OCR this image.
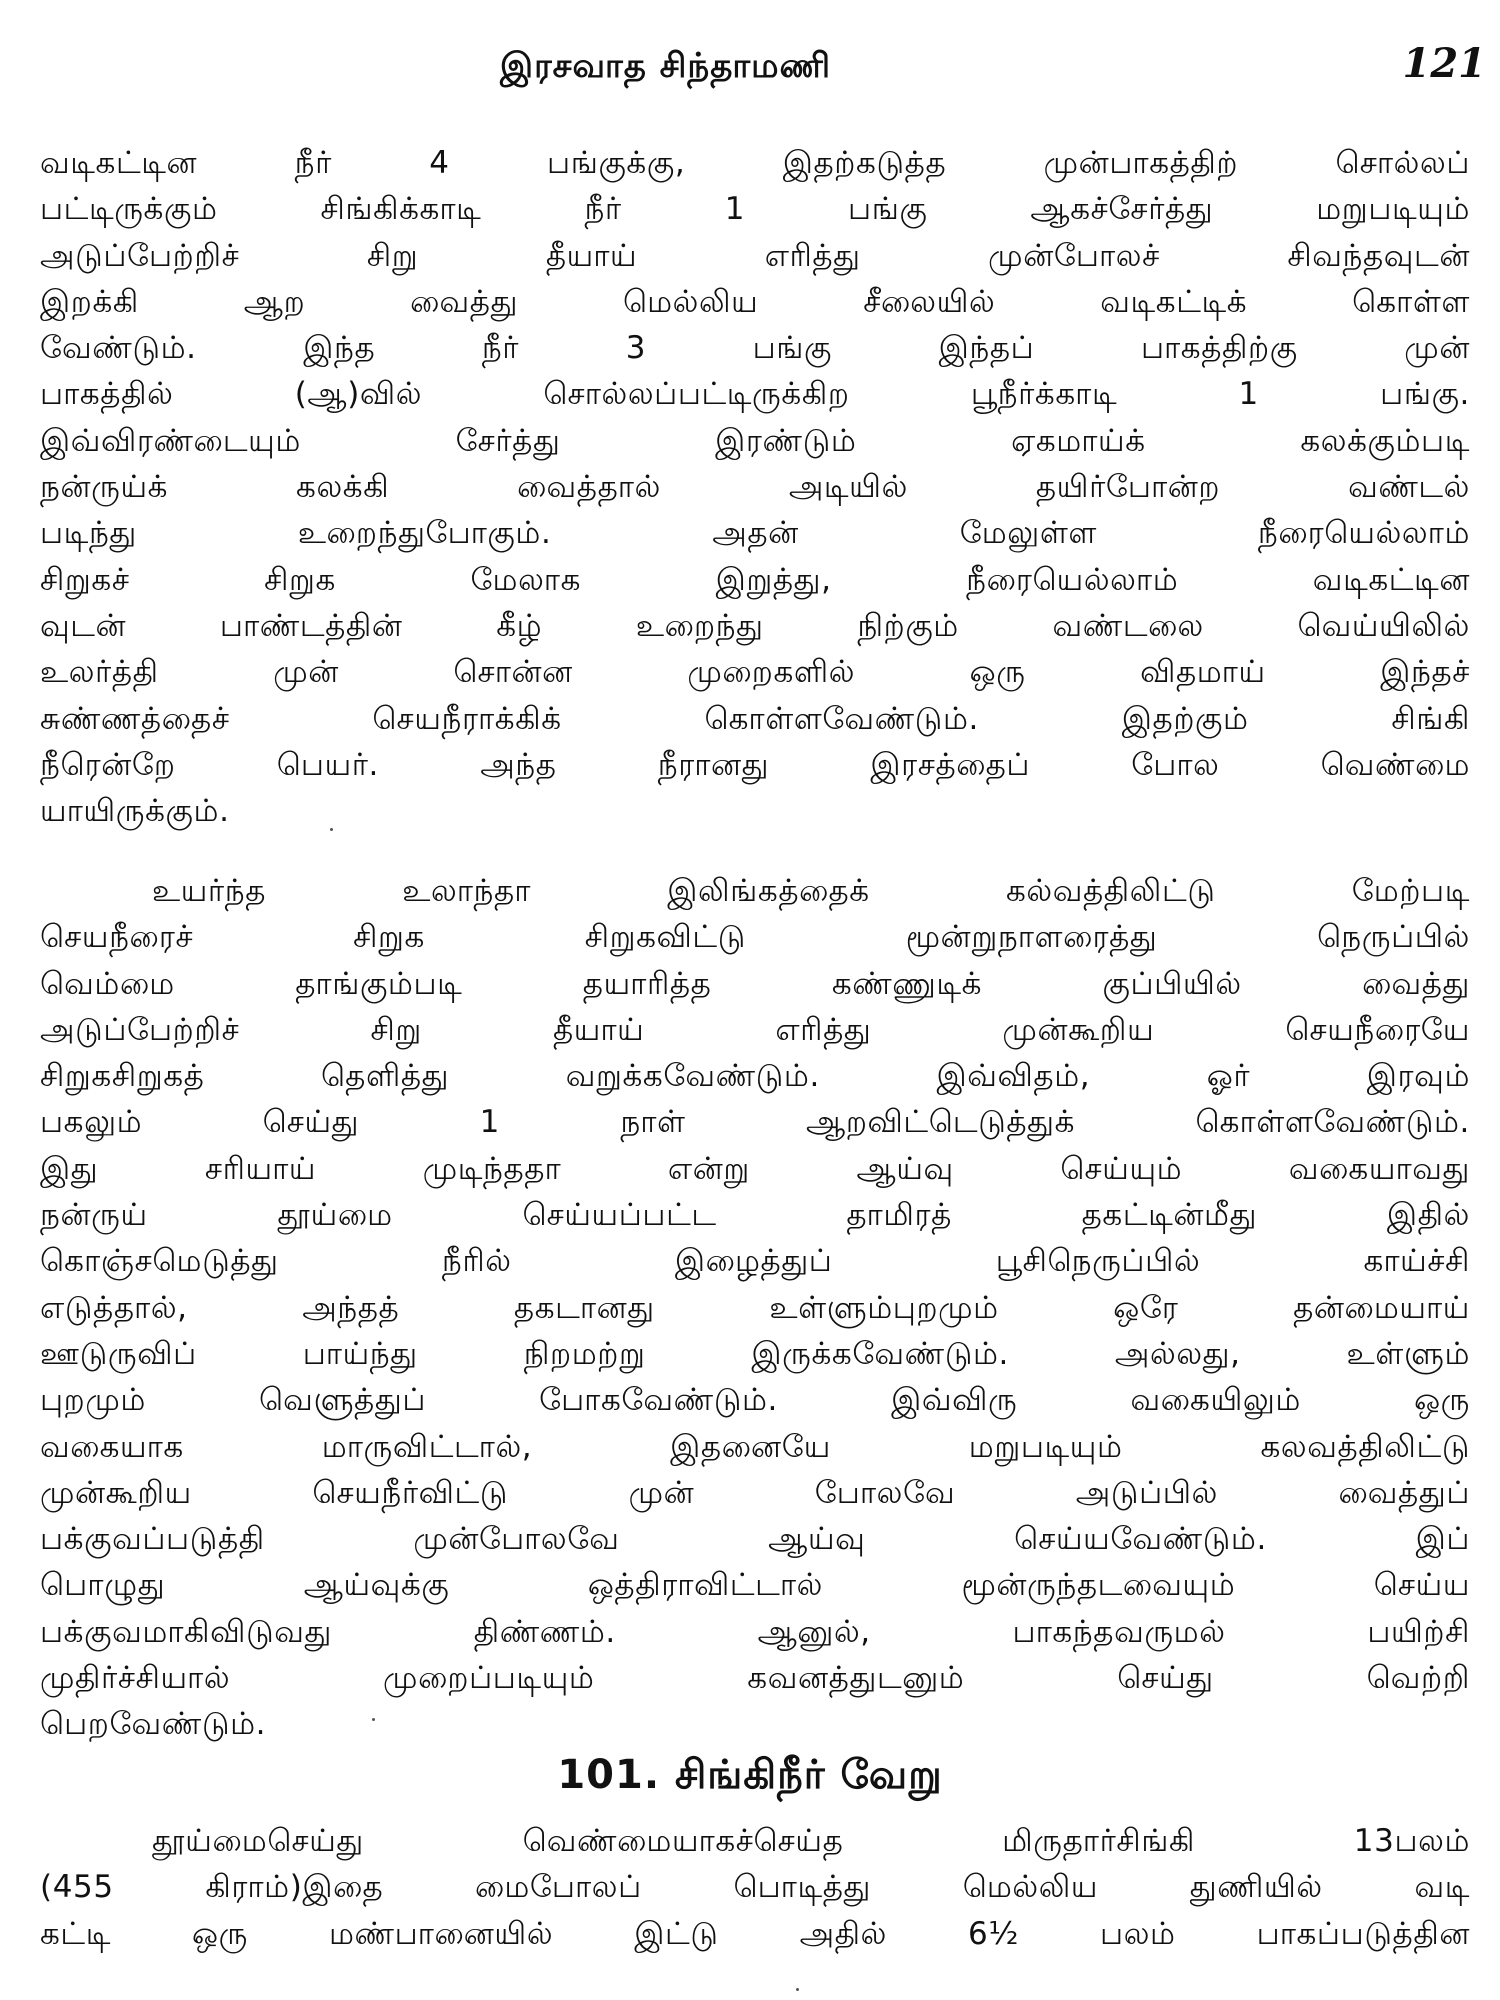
இரசவாத சிந்தாமணி	121
வடிகட்டின நீர் 4 பங்குக்கு, இதற்கடுத்த முன்பாகத்திற் சொல்லப்
பட்டிருக்கும் சிங்கிக்காடி நீர் 1 பங்கு ஆகச்சேர்த்து மறுபடியும்
அடுப்பேற்றிச் சிறு தீயாய் எரித்து முன்போலச் சிவந்தவுடன்
இறக்கி ஆற வைத்து மெல்லிய சீலையில் வடிகட்டிக் கொள்ள
வேண்டும். இந்த நீர் 3 பங்கு இந்தப் பாகத்திற்கு முன்
பாகத்தில் (ஆ)வில் சொல்லப்பட்டிருக்கிற பூநீர்க்காடி 1 பங்கு.
இவ்விரண்டையும் சேர்த்து இரண்டும் ஏகமாய்க் கலக்கும்படி
நன்ருய்க் கலக்கி வைத்தால் அடியில் தயிர்போன்ற வண்டல்
படிந்து உறைந்துபோகும். அதன் மேலுள்ள நீரையெல்லாம்
சிறுகச் சிறுக மேலாக இறுத்து, நீரையெல்லாம் வடிகட்டின
வுடன் பாண்டத்தின் கீழ் உறைந்து நிற்கும் வண்டலை வெய்யிலில்
உலர்த்தி முன் சொன்ன முறைகளில் ஒரு விதமாய் இந்தச்
சுண்ணத்தைச் செயநீராக்கிக் கொள்ளவேண்டும். இதற்கும் சிங்கி
நீரென்றே பெயர். அந்த நீரானது இரசத்தைப் போல வெண்மை
யாயிருக்கும்.
உயர்ந்த உலாந்தா இலிங்கத்தைக் கல்வத்திலிட்டு மேற்படி
செயநீரைச் சிறுக சிறுகவிட்டு மூன்றுநாளரைத்து நெருப்பில்
வெம்மை தாங்கும்படி தயாரித்த கண்ணுடிக் குப்பியில் வைத்து
அடுப்பேற்றிச் சிறு தீயாய் எரித்து முன்கூறிய செயநீரையே
சிறுகசிறுகத் தெளித்து வறுக்கவேண்டும். இவ்விதம், ஓர் இரவும்
பகலும் செய்து 1 நாள் ஆறவிட்டெடுத்துக் கொள்ளவேண்டும்.
இது சரியாய் முடிந்ததா என்று ஆய்வு செய்யும் வகையாவது
நன்ருய் தூய்மை செய்யப்பட்ட தாமிரத் தகட்டின்மீது இதில்
கொஞ்சமெடுத்து நீரில் இழைத்துப் பூசிநெருப்பில் காய்ச்சி
எடுத்தால், அந்தத் தகடானது உள்ளும்புறமும் ஒரே தன்மையாய்
ஊடுருவிப் பாய்ந்து நிறமற்று இருக்கவேண்டும். அல்லது, உள்ளும்
புறமும் வெளுத்துப் போகவேண்டும். இவ்விரு வகையிலும் ஒரு
வகையாக மாருவிட்டால், இதனையே மறுபடியும் கலவத்திலிட்டு
முன்கூறிய செயநீர்விட்டு முன் போலவே அடுப்பில் வைத்துப்
பக்குவப்படுத்தி முன்போலவே ஆய்வு செய்யவேண்டும். இப்
பொழுது ஆய்வுக்கு ஒத்திராவிட்டால் மூன்ருந்தடவையும் செய்ய
பக்குவமாகிவிடுவது திண்ணம். ஆனுல், பாகந்தவருமல் பயிற்சி
முதிர்ச்சியால் முறைப்படியும் கவனத்துடனும் செய்து வெற்றி
பெறவேண்டும்.
101. சிங்கிநீர் வேறு
தூய்மைசெய்து வெண்மையாகச்செய்த மிருதார்சிங்கி 13பலம்
(455 கிராம்)இதை மைபோலப் பொடித்து மெல்லிய துணியில் வடி
கட்டி ஒரு மண்பானையில் இட்டு அதில் 6½ பலம் பாகப்படுத்தின
